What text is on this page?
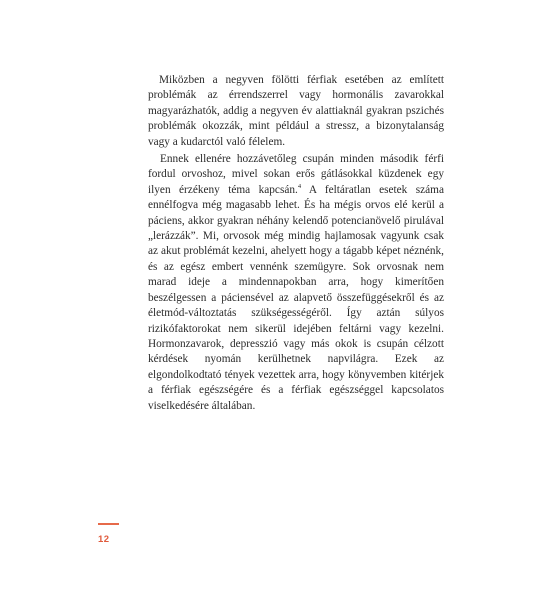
Miközben a negyven fölötti férfiak esetében az említett problémák az érrendszerrel vagy hormonális zavarokkal magyarázhatók, addig a negyven év alattiaknál gyakran pszichés problémák okozzák, mint például a stressz, a bizonytalanság vagy a kudarctól való félelem.

Ennek ellenére hozzávetőleg csupán minden második férfi fordul orvoshoz, mivel sokan erős gátlásokkal küzdenek egy ilyen érzékeny téma kapcsán.$^4$ A feltáratlan esetek száma ennélfogva még magasabb lehet. És ha mégis orvos elé kerül a páciens, akkor gyakran néhány kelendő potencianövelő pirulával „lerázzák”. Mi, orvosok még mindig hajlamosak vagyunk csak az akut problémát kezelni, ahelyett hogy a tágabb képet néznénk, és az egész embert vennénk szemügyre. Sok orvosnak nem marad ideje a mindennapokban arra, hogy kimerítően beszélgessen a páciensével az alapvető összefüggésekről és az életmód-változtatás szükségességéről. Így aztán súlyos rizikófaktorokat nem sikerül idejében feltárni vagy kezelni. Hormonzavarok, depresszió vagy más okok is csupán célzott kérdések nyomán kerülhetnek napvilágra. Ezek az elgondolkodtató tények vezettek arra, hogy könyvemben kitérjek a férfiak egészségére és a férfiak egészséggel kapcsolatos viselkedésére általában.

12
